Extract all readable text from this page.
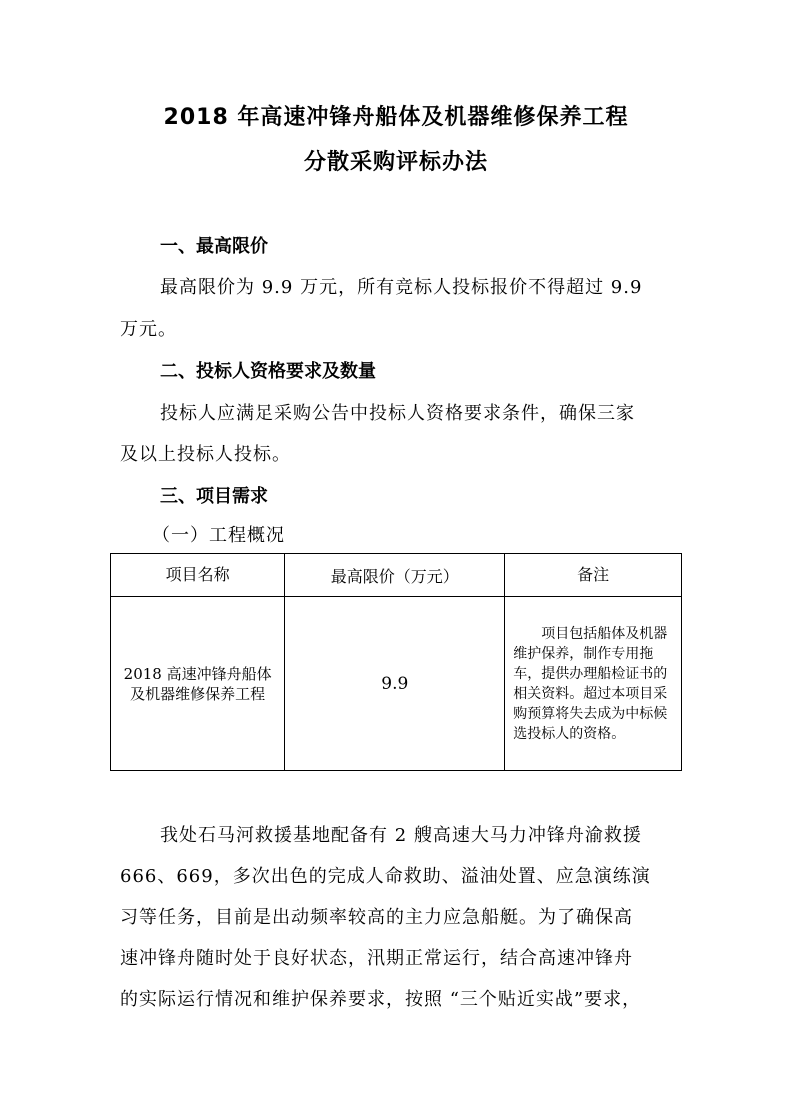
2018 年高速冲锋舟船体及机器维修保养工程
分散采购评标办法
一、最高限价
最高限价为 9.9 万元，所有竞标人投标报价不得超过 9.9
万元。
二、投标人资格要求及数量
投标人应满足采购公告中投标人资格要求条件，确保三家
及以上投标人投标。
三、项目需求
（一）工程概况
项目名称	最高限价（万元）	备注
2018 高速冲锋舟船体及机器维修保养工程	9.9	项目包括船体及机器维护保养，制作专用拖车，提供办理船检证书的相关资料。超过本项目采购预算将失去成为中标候选投标人的资格。
我处石马河救援基地配备有 2 艘高速大马力冲锋舟渝救援
666、669，多次出色的完成人命救助、溢油处置、应急演练演
习等任务，目前是出动频率较高的主力应急船艇。为了确保高
速冲锋舟随时处于良好状态，汛期正常运行，结合高速冲锋舟
的实际运行情况和维护保养要求，按照 “三个贴近实战”要求，
